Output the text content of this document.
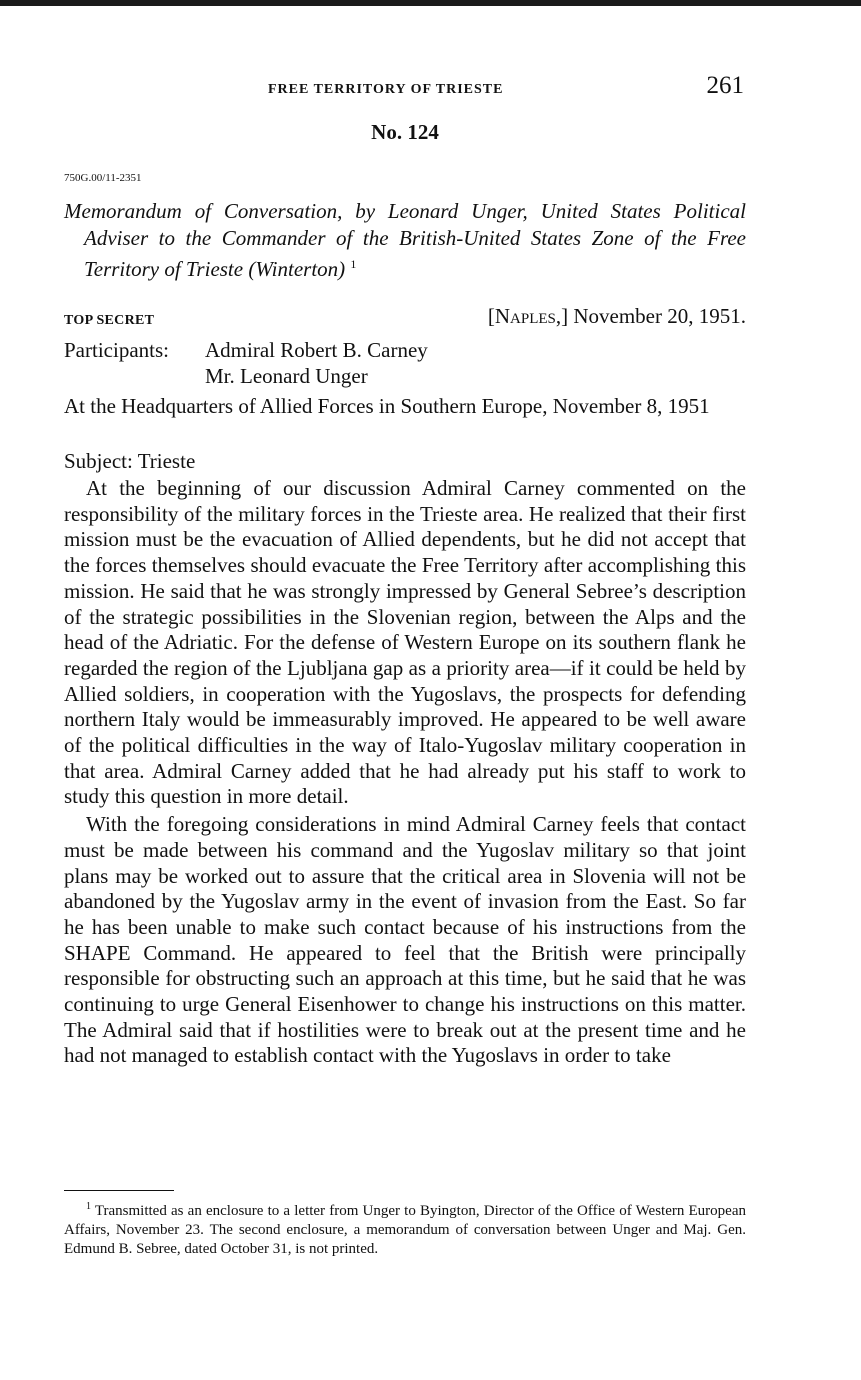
FREE TERRITORY OF TRIESTE	261
No. 124
750G.00/11-2351
Memorandum of Conversation, by Leonard Unger, United States Political Adviser to the Commander of the British-United States Zone of the Free Territory of Trieste (Winterton) $^1$
TOP SECRET	[Naples,] November 20, 1951.
Participants:	Admiral Robert B. Carney
Mr. Leonard Unger
At the Headquarters of Allied Forces in Southern Europe, November 8, 1951
Subject: Trieste

At the beginning of our discussion Admiral Carney commented on the responsibility of the military forces in the Trieste area. He realized that their first mission must be the evacuation of Allied dependents, but he did not accept that the forces themselves should evacuate the Free Territory after accomplishing this mission. He said that he was strongly impressed by General Sebree’s description of the strategic possibilities in the Slovenian region, between the Alps and the head of the Adriatic. For the defense of Western Europe on its southern flank he regarded the region of the Ljubljana gap as a priority area—if it could be held by Allied soldiers, in cooperation with the Yugoslavs, the prospects for defending northern Italy would be immeasurably improved. He appeared to be well aware of the political difficulties in the way of Italo-Yugoslav military cooperation in that area. Admiral Carney added that he had already put his staff to work to study this question in more detail.

With the foregoing considerations in mind Admiral Carney feels that contact must be made between his command and the Yugoslav military so that joint plans may be worked out to assure that the critical area in Slovenia will not be abandoned by the Yugoslav army in the event of invasion from the East. So far he has been unable to make such contact because of his instructions from the SHAPE Command. He appeared to feel that the British were principally responsible for obstructing such an approach at this time, but he said that he was continuing to urge General Eisenhower to change his instructions on this matter. The Admiral said that if hostilities were to break out at the present time and he had not managed to establish contact with the Yugoslavs in order to take

$^1$ Transmitted as an enclosure to a letter from Unger to Byington, Director of the Office of Western European Affairs, November 23. The second enclosure, a memorandum of conversation between Unger and Maj. Gen. Edmund B. Sebree, dated October 31, is not printed.
